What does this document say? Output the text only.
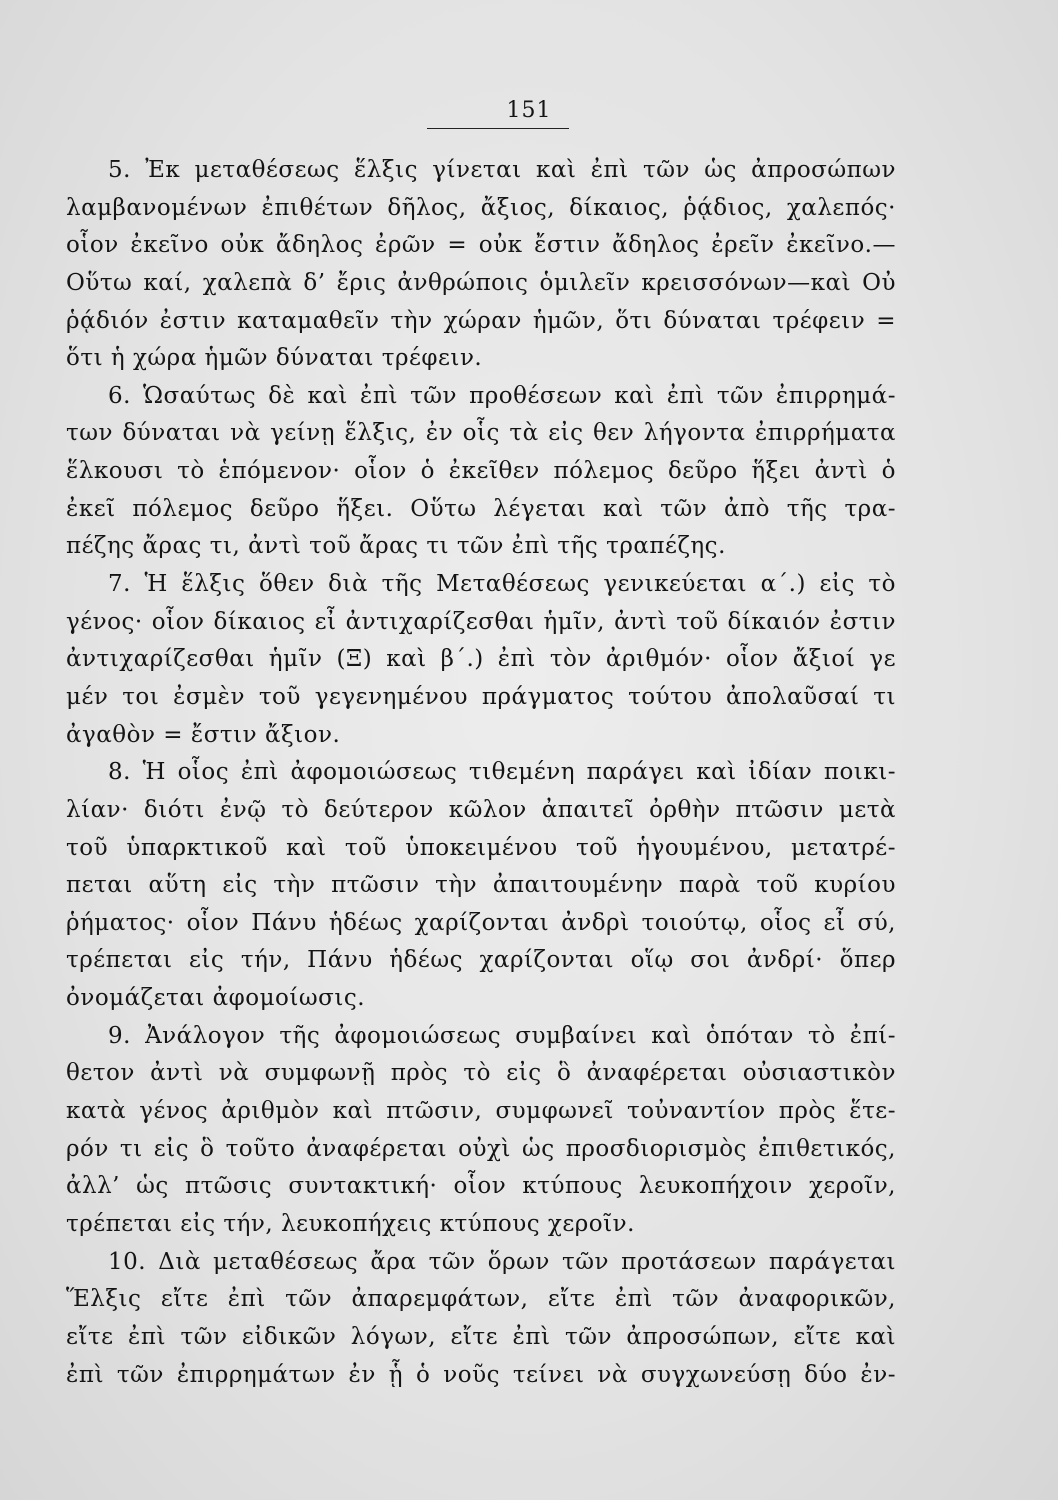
151
5. Ἐκ μεταθέσεως ἕλξις γίνεται καὶ ἐπὶ τῶν ὡς ἀπροσώπων
λαμβανομένων ἐπιθέτων δῆλος, ἄξιος, δίκαιος, ῥᾴδιος, χαλεπός·
οἷον ἐκεῖνο οὐκ ἄδηλος ἐρῶν = οὐκ ἔστιν ἄδηλος ἐρεῖν ἐκεῖνο.—
Οὕτω καί, χαλεπὰ δ’ ἔρις ἀνθρώποις ὁμιλεῖν κρεισσόνων—καὶ Οὐ
ῥᾴδιόν ἐστιν καταμαθεῖν τὴν χώραν ἡμῶν, ὅτι δύναται τρέφειν =
ὅτι ἡ χώρα ἡμῶν δύναται τρέφειν.
6. Ὡσαύτως δὲ καὶ ἐπὶ τῶν προθέσεων καὶ ἐπὶ τῶν ἐπιρρημά-
των δύναται νὰ γείνῃ ἕλξις, ἐν οἷς τὰ εἰς θεν λήγοντα ἐπιρρήματα
ἕλκουσι τὸ ἑπόμενον· οἷον ὁ ἐκεῖθεν πόλεμος δεῦρο ἥξει ἀντὶ ὁ
ἐκεῖ πόλεμος δεῦρο ἥξει. Οὕτω λέγεται καὶ τῶν ἀπὸ τῆς τρα-
πέζης ἄρας τι, ἀντὶ τοῦ ἄρας τι τῶν ἐπὶ τῆς τραπέζης.
7. Ἡ ἕλξις ὅθεν διὰ τῆς Μεταθέσεως γενικεύεται α΄.) εἰς τὸ
γένος· οἷον δίκαιος εἶ ἀντιχαρίζεσθαι ἡμῖν, ἀντὶ τοῦ δίκαιόν ἐστιν
ἀντιχαρίζεσθαι ἡμῖν (Ξ) καὶ β΄.) ἐπὶ τὸν ἀριθμόν· οἷον ἄξιοί γε
μέν τοι ἐσμὲν τοῦ γεγενημένου πράγματος τούτου ἀπολαῦσαί τι
ἀγαθὸν = ἔστιν ἄξιον.
8. Ἡ οἷος ἐπὶ ἀφομοιώσεως τιθεμένη παράγει καὶ ἰδίαν ποικι-
λίαν· διότι ἐνῷ τὸ δεύτερον κῶλον ἀπαιτεῖ ὀρθὴν πτῶσιν μετὰ
τοῦ ὑπαρκτικοῦ καὶ τοῦ ὑποκειμένου τοῦ ἡγουμένου, μετατρέ-
πεται αὕτη εἰς τὴν πτῶσιν τὴν ἀπαιτουμένην παρὰ τοῦ κυρίου
ῥήματος· οἷον Πάνυ ἡδέως χαρίζονται ἀνδρὶ τοιούτῳ, οἷος εἶ σύ,
τρέπεται εἰς τήν, Πάνυ ἡδέως χαρίζονται οἵῳ σοι ἀνδρί· ὅπερ
ὀνομάζεται ἀφομοίωσις.
9. Ἀνάλογον τῆς ἀφομοιώσεως συμβαίνει καὶ ὁπόταν τὸ ἐπί-
θετον ἀντὶ νὰ συμφωνῇ πρὸς τὸ εἰς ὃ ἀναφέρεται οὐσιαστικὸν
κατὰ γένος ἀριθμὸν καὶ πτῶσιν, συμφωνεῖ τοὐναντίον πρὸς ἕτε-
ρόν τι εἰς ὃ τοῦτο ἀναφέρεται οὐχὶ ὡς προσδιορισμὸς ἐπιθετικός,
ἀλλ’ ὡς πτῶσις συντακτική· οἷον κτύπους λευκοπήχοιν χεροῖν,
τρέπεται εἰς τήν, λευκοπήχεις κτύπους χεροῖν.
10. Διὰ μεταθέσεως ἄρα τῶν ὅρων τῶν προτάσεων παράγεται
Ἕλξις εἴτε ἐπὶ τῶν ἀπαρεμφάτων, εἴτε ἐπὶ τῶν ἀναφορικῶν,
εἴτε ἐπὶ τῶν εἰδικῶν λόγων, εἴτε ἐπὶ τῶν ἀπροσώπων, εἴτε καὶ
ἐπὶ τῶν ἐπιρρημάτων ἐν ᾗ ὁ νοῦς τείνει νὰ συγχωνεύσῃ δύο ἐν-
